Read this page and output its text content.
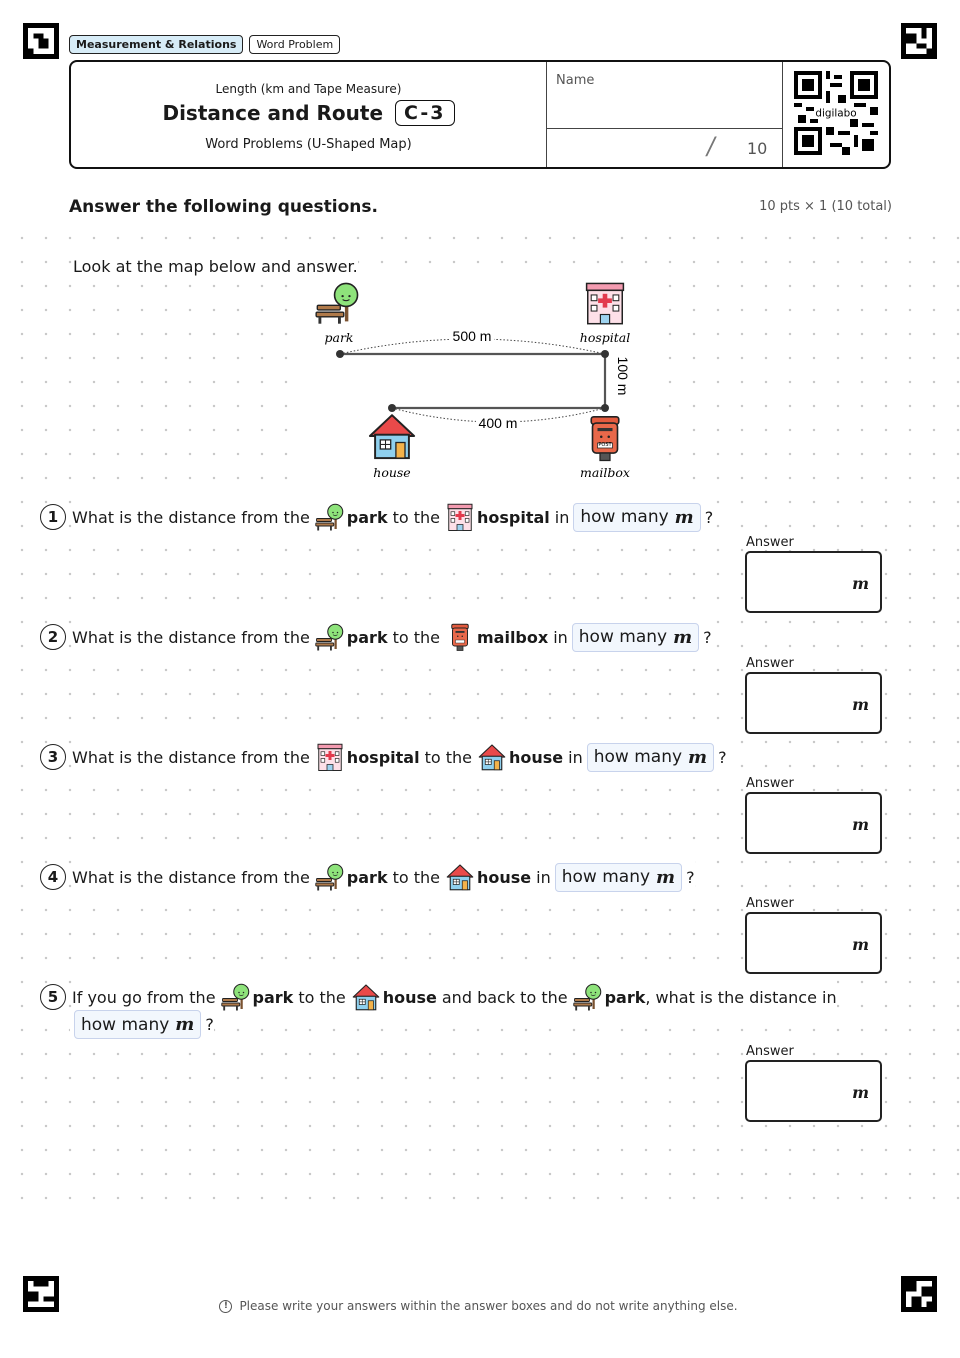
Measurement & Relations	Word Problem
Length (km and Tape Measure)
Distance and Route	C-3
Word Problems (U-Shaped Map)
Name
/ 10
digilabo
Answer the following questions.	10 pts × 1 (10 total)
Look at the map below and answer.
500 m
100 m
400 m
park	hospital
house	mailbox
POST
1 What is the distance from the park to the hospital in how many m ?
Answer
m
2 What is the distance from the park to the mailbox in how many m ?
Answer
m
3 What is the distance from the hospital to the house in how many m ?
Answer
m
4 What is the distance from the park to the house in how many m ?
Answer
m
5 If you go from the park to the house and back to the park , what is the distance in
how many m ?
Answer
m
! Please write your answers within the answer boxes and do not write anything else.
